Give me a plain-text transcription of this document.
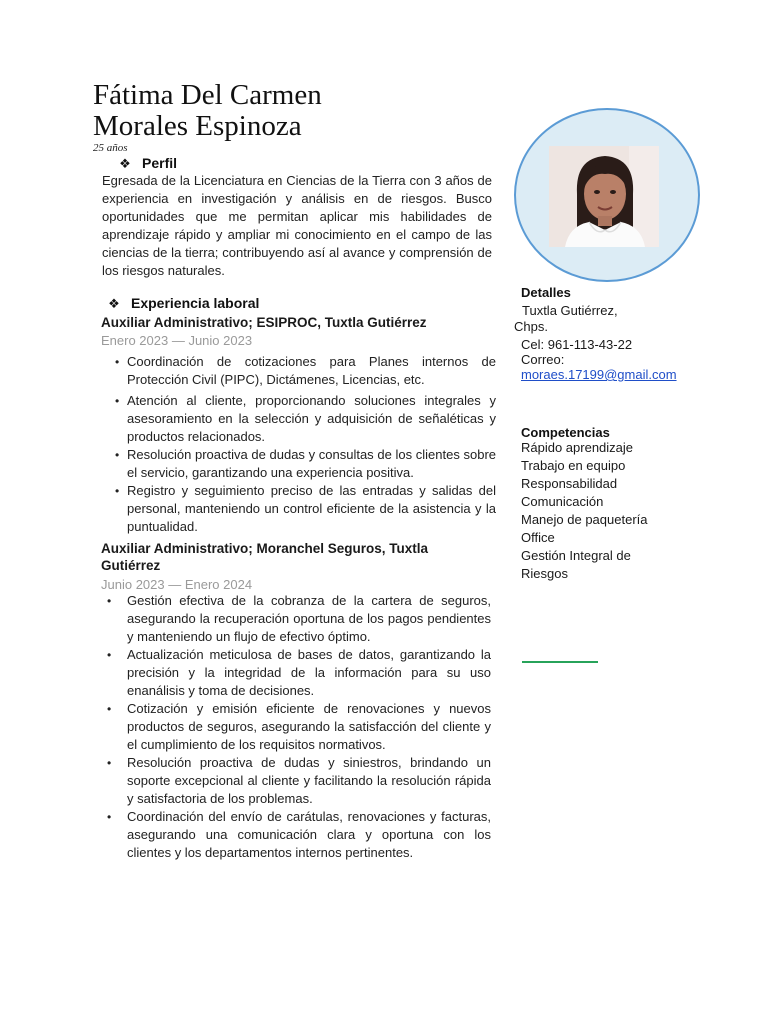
Fátima Del Carmen
Morales Espinoza
25 años
❖ Perfil

Egresada de la Licenciatura en Ciencias de la Tierra con 3 años de experiencia en investigación y análisis en de riesgos. Busco oportunidades que me permitan aplicar mis habilidades de aprendizaje rápido y ampliar mi conocimiento en el campo de las ciencias de la tierra; contribuyendo así al avance y comprensión de los riesgos naturales.

❖ Experiencia laboral
Auxiliar Administrativo; ESIPROC, Tuxtla Gutiérrez
Enero 2023 — Junio 2023
• Coordinación de cotizaciones para Planes internos de Protección Civil (PIPC), Dictámenes, Licencias, etc.
• Atención al cliente, proporcionando soluciones integrales y asesoramiento en la selección y adquisición de señaléticas y productos relacionados.
• Resolución proactiva de dudas y consultas de los clientes sobre el servicio, garantizando una experiencia positiva.
• Registro y seguimiento preciso de las entradas y salidas del personal, manteniendo un control eficiente de la asistencia y la puntualidad.
Auxiliar Administrativo; Moranchel Seguros, Tuxtla Gutiérrez
Junio 2023 — Enero 2024
• Gestión efectiva de la cobranza de la cartera de seguros, asegurando la recuperación oportuna de los pagos pendientes y manteniendo un flujo de efectivo óptimo.
• Actualización meticulosa de bases de datos, garantizando la precisión y la integridad de la información para su uso enanálisis y toma de decisiones.
• Cotización y emisión eficiente de renovaciones y nuevos productos de seguros, asegurando la satisfacción del cliente y el cumplimiento de los requisitos normativos.
• Resolución proactiva de dudas y siniestros, brindando un soporte excepcional al cliente y facilitando la resolución rápida y satisfactoria de los problemas.
• Coordinación del envío de carátulas, renovaciones y facturas, asegurando una comunicación clara y oportuna con los clientes y los departamentos internos pertinentes.
Detalles
Tuxtla Gutiérrez,
Chps.
Cel: 961-113-43-22
Correo:
moraes.17199@gmail.com
Competencias
Rápido aprendizaje
Trabajo en equipo
Responsabilidad
Comunicación
Manejo de paquetería
Office
Gestión Integral de
Riesgos
